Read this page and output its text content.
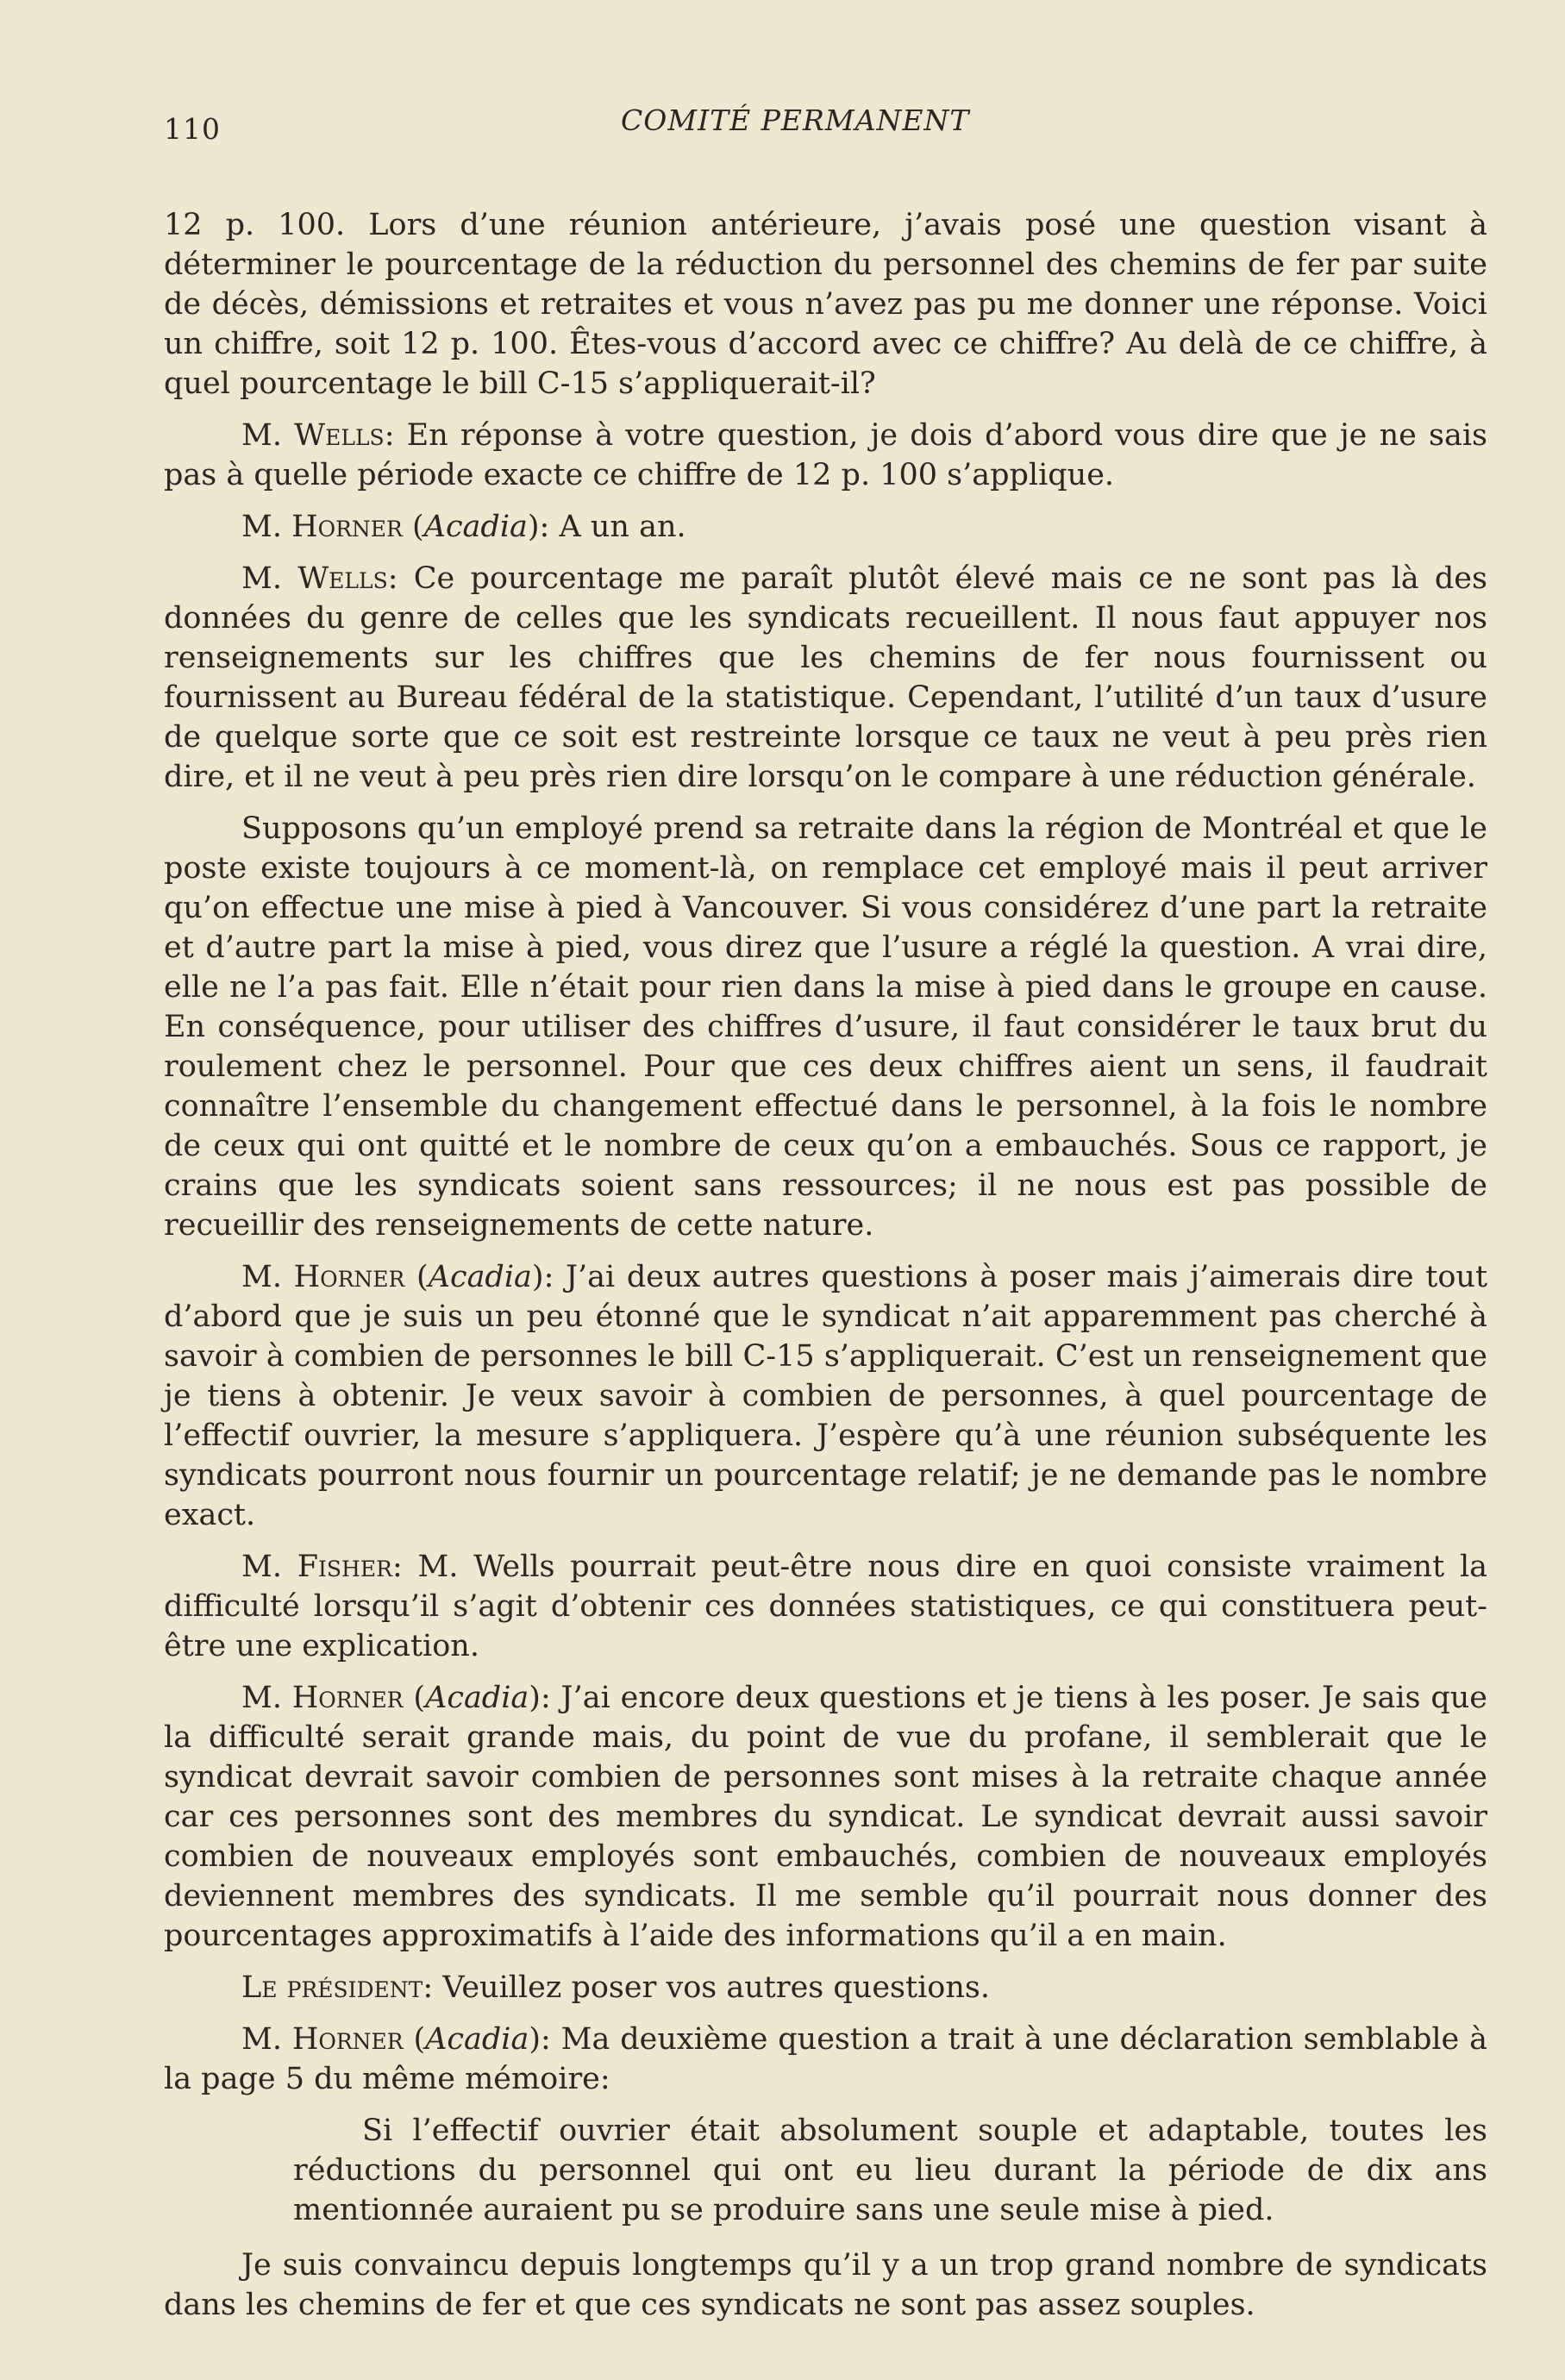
110	COMITÉ PERMANENT

12 p. 100. Lors d’une réunion antérieure, j’avais posé une question visant à déterminer le pourcentage de la réduction du personnel des chemins de fer par suite de décès, démissions et retraites et vous n’avez pas pu me donner une réponse. Voici un chiffre, soit 12 p. 100. Êtes-vous d’accord avec ce chiffre? Au delà de ce chiffre, à quel pourcentage le bill C-15 s’appliquerait-il?

M. Wells: En réponse à votre question, je dois d’abord vous dire que je ne sais pas à quelle période exacte ce chiffre de 12 p. 100 s’applique.

M. Horner (Acadia): A un an.

M. Wells: Ce pourcentage me paraît plutôt élevé mais ce ne sont pas là des données du genre de celles que les syndicats recueillent. Il nous faut appuyer nos renseignements sur les chiffres que les chemins de fer nous fournissent ou fournissent au Bureau fédéral de la statistique. Cependant, l’utilité d’un taux d’usure de quelque sorte que ce soit est restreinte lorsque ce taux ne veut à peu près rien dire, et il ne veut à peu près rien dire lorsqu’on le compare à une réduction générale.

Supposons qu’un employé prend sa retraite dans la région de Montréal et que le poste existe toujours à ce moment-là, on remplace cet employé mais il peut arriver qu’on effectue une mise à pied à Vancouver. Si vous considérez d’une part la retraite et d’autre part la mise à pied, vous direz que l’usure a réglé la question. A vrai dire, elle ne l’a pas fait. Elle n’était pour rien dans la mise à pied dans le groupe en cause. En conséquence, pour utiliser des chiffres d’usure, il faut considérer le taux brut du roulement chez le personnel. Pour que ces deux chiffres aient un sens, il faudrait connaître l’ensemble du changement effectué dans le personnel, à la fois le nombre de ceux qui ont quitté et le nombre de ceux qu’on a embauchés. Sous ce rapport, je crains que les syndicats soient sans ressources; il ne nous est pas possible de recueillir des renseignements de cette nature.

M. Horner (Acadia): J’ai deux autres questions à poser mais j’aimerais dire tout d’abord que je suis un peu étonné que le syndicat n’ait apparemment pas cherché à savoir à combien de personnes le bill C-15 s’appliquerait. C’est un renseignement que je tiens à obtenir. Je veux savoir à combien de personnes, à quel pourcentage de l’effectif ouvrier, la mesure s’appliquera. J’espère qu’à une réunion subséquente les syndicats pourront nous fournir un pourcentage relatif; je ne demande pas le nombre exact.

M. Fisher: M. Wells pourrait peut-être nous dire en quoi consiste vraiment la difficulté lorsqu’il s’agit d’obtenir ces données statistiques, ce qui constituera peut-être une explication.

M. Horner (Acadia): J’ai encore deux questions et je tiens à les poser. Je sais que la difficulté serait grande mais, du point de vue du profane, il semblerait que le syndicat devrait savoir combien de personnes sont mises à la retraite chaque année car ces personnes sont des membres du syndicat. Le syndicat devrait aussi savoir combien de nouveaux employés sont embauchés, combien de nouveaux employés deviennent membres des syndicats. Il me semble qu’il pourrait nous donner des pourcentages approximatifs à l’aide des informations qu’il a en main.

Le président: Veuillez poser vos autres questions.

M. Horner (Acadia): Ma deuxième question a trait à une déclaration semblable à la page 5 du même mémoire:

Si l’effectif ouvrier était absolument souple et adaptable, toutes les réductions du personnel qui ont eu lieu durant la période de dix ans mentionnée auraient pu se produire sans une seule mise à pied.

Je suis convaincu depuis longtemps qu’il y a un trop grand nombre de syndicats dans les chemins de fer et que ces syndicats ne sont pas assez souples.
